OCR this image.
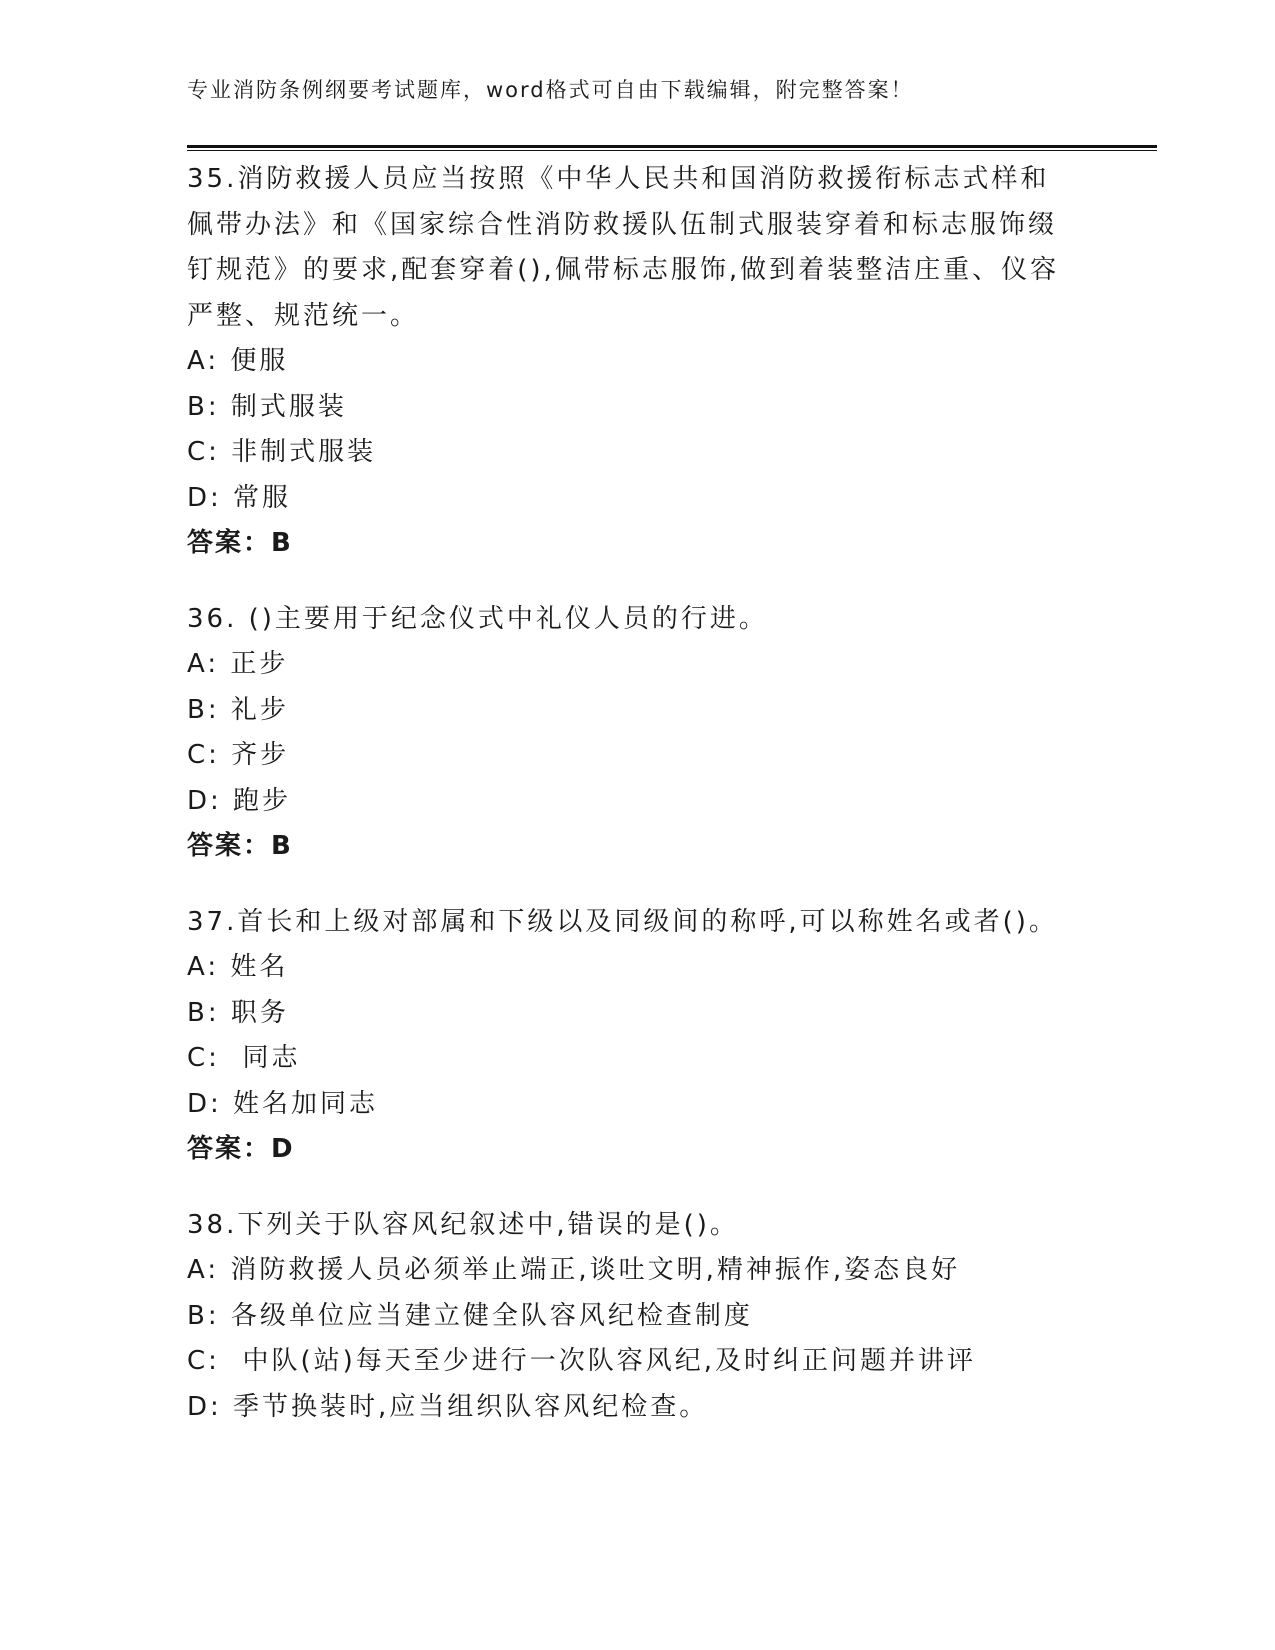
专业消防条例纲要考试题库，word格式可自由下载编辑，附完整答案！

35.消防救援人员应当按照《中华人民共和国消防救援衔标志式样和

佩带办法》和《国家综合性消防救援队伍制式服装穿着和标志服饰缀

钉规范》的要求,配套穿着(),佩带标志服饰,做到着装整洁庄重、仪容

严整、规范统一。

A: 便服

B: 制式服装

C: 非制式服装

D: 常服

答案：B

36. ()主要用于纪念仪式中礼仪人员的行进。

A: 正步

B: 礼步

C: 齐步

D: 跑步

答案：B

37.首长和上级对部属和下级以及同级间的称呼,可以称姓名或者()。

A: 姓名

B: 职务

C:  同志

D: 姓名加同志

答案：D

38.下列关于队容风纪叙述中,错误的是()。

A: 消防救援人员必须举止端正,谈吐文明,精神振作,姿态良好

B: 各级单位应当建立健全队容风纪检查制度

C:  中队(站)每天至少进行一次队容风纪,及时纠正问题并讲评

D: 季节换装时,应当组织队容风纪检查。
